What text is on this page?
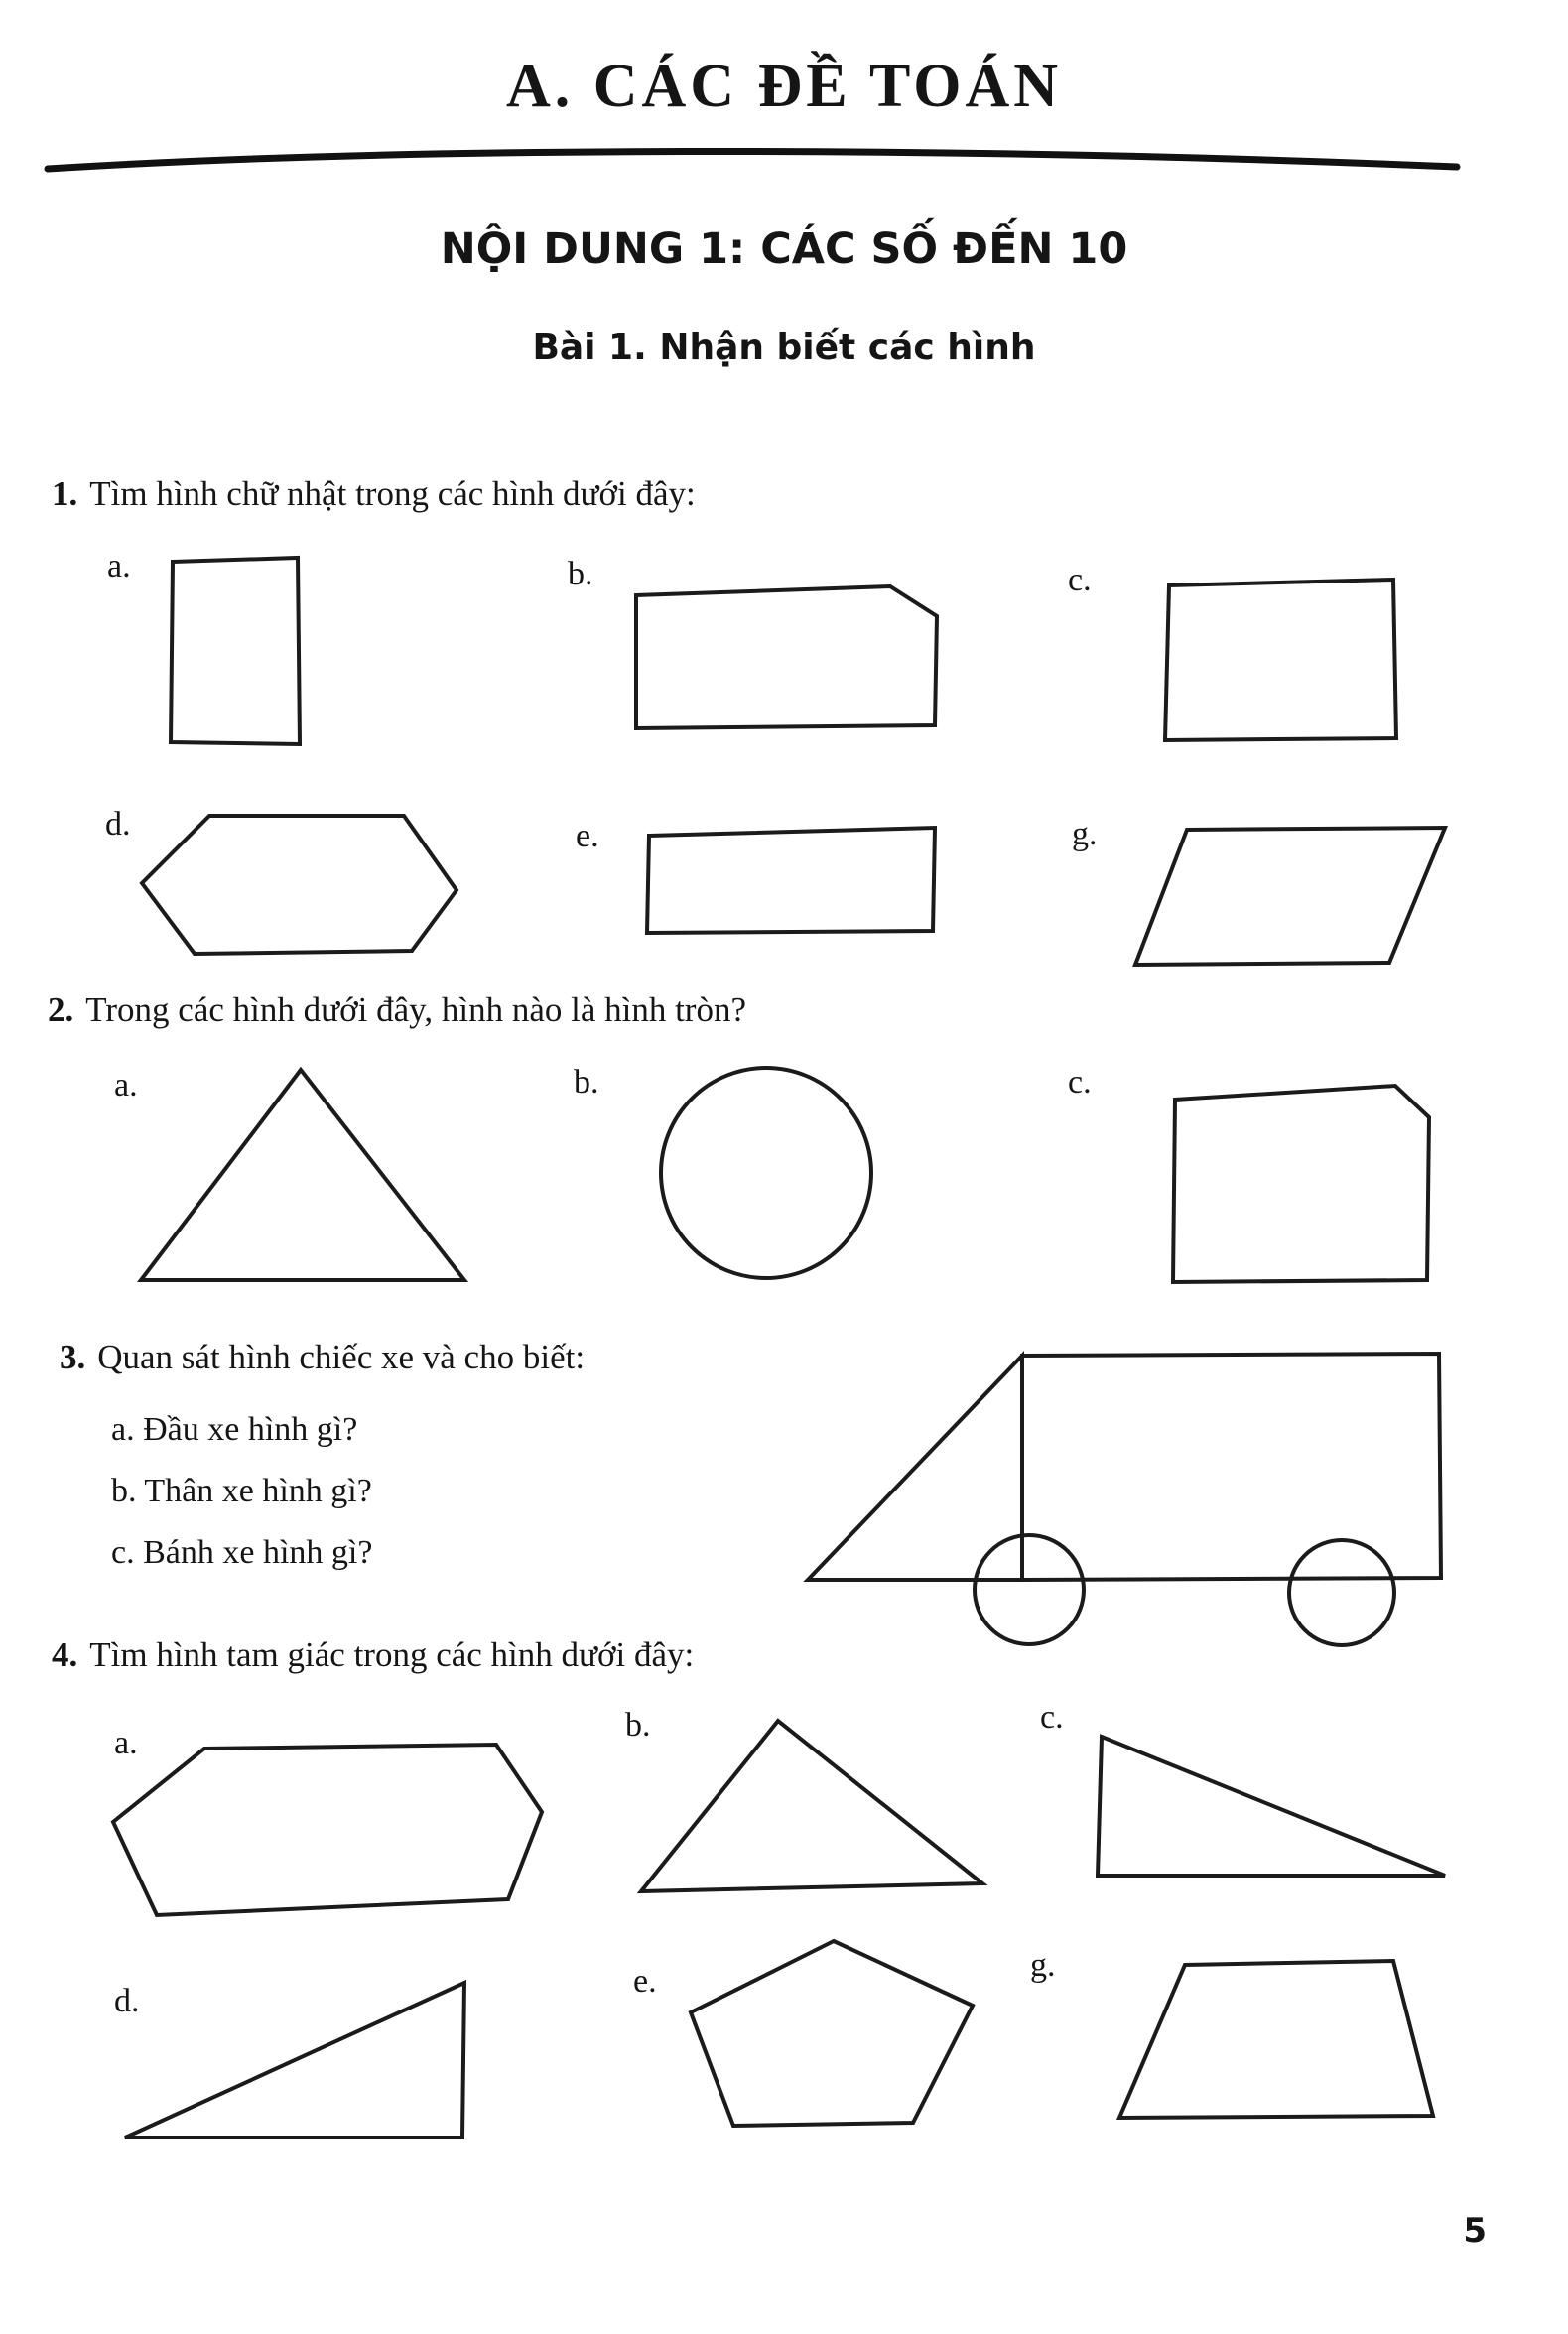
A. CÁC ĐỀ TOÁN
NỘI DUNG 1: CÁC SỐ ĐẾN 10
Bài 1. Nhận biết các hình
1. Tìm hình chữ nhật trong các hình dưới đây:
a.	b.	c.
d.	e.	g.
2. Trong các hình dưới đây, hình nào là hình tròn?
a.	b.	c.
3. Quan sát hình chiếc xe và cho biết:
a. Đầu xe hình gì?
b. Thân xe hình gì?
c. Bánh xe hình gì?
4. Tìm hình tam giác trong các hình dưới đây:
a.	b.	c.
d.
e.	g.
5
